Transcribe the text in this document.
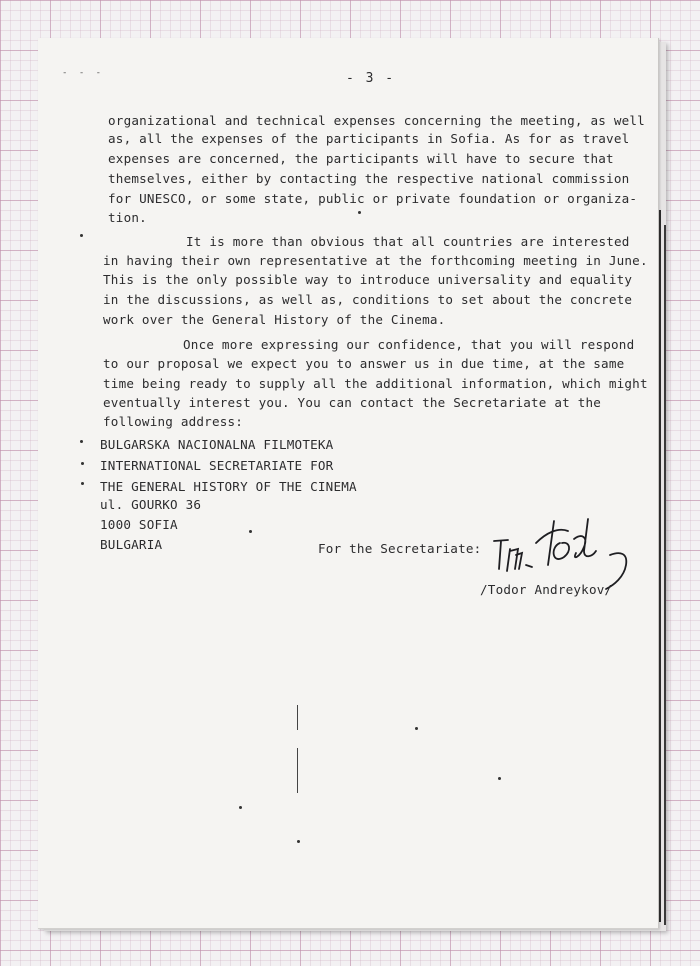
- - -	- 3 -
organizational and technical expenses concerning the meeting, as well
as, all the expenses of the participants in Sofia. As for as travel
expenses are concerned, the participants will have to secure that
themselves, either by contacting the respective national commission
for UNESCO, or some state, public or private foundation or organiza-
tion.
It is more than obvious that all countries are interested
in having their own representative at the forthcoming meeting in June.
This is the only possible way to introduce universality and equality
in the discussions, as well as, conditions to set about the concrete
work over the General History of the Cinema.
Once more expressing our confidence, that you will respond
to our proposal we expect you to answer us in due time, at the same
time being ready to supply all the additional information, which might
eventually interest you. You can contact the Secretariate at the
following address:
BULGARSKA NACIONALNA FILMOTEKA
INTERNATIONAL SECRETARIATE FOR
THE GENERAL HISTORY OF THE CINEMA
ul. GOURKO 36
1000 SOFIA
BULGARIA	For the Secretariate:
/Todor Andreykov/
